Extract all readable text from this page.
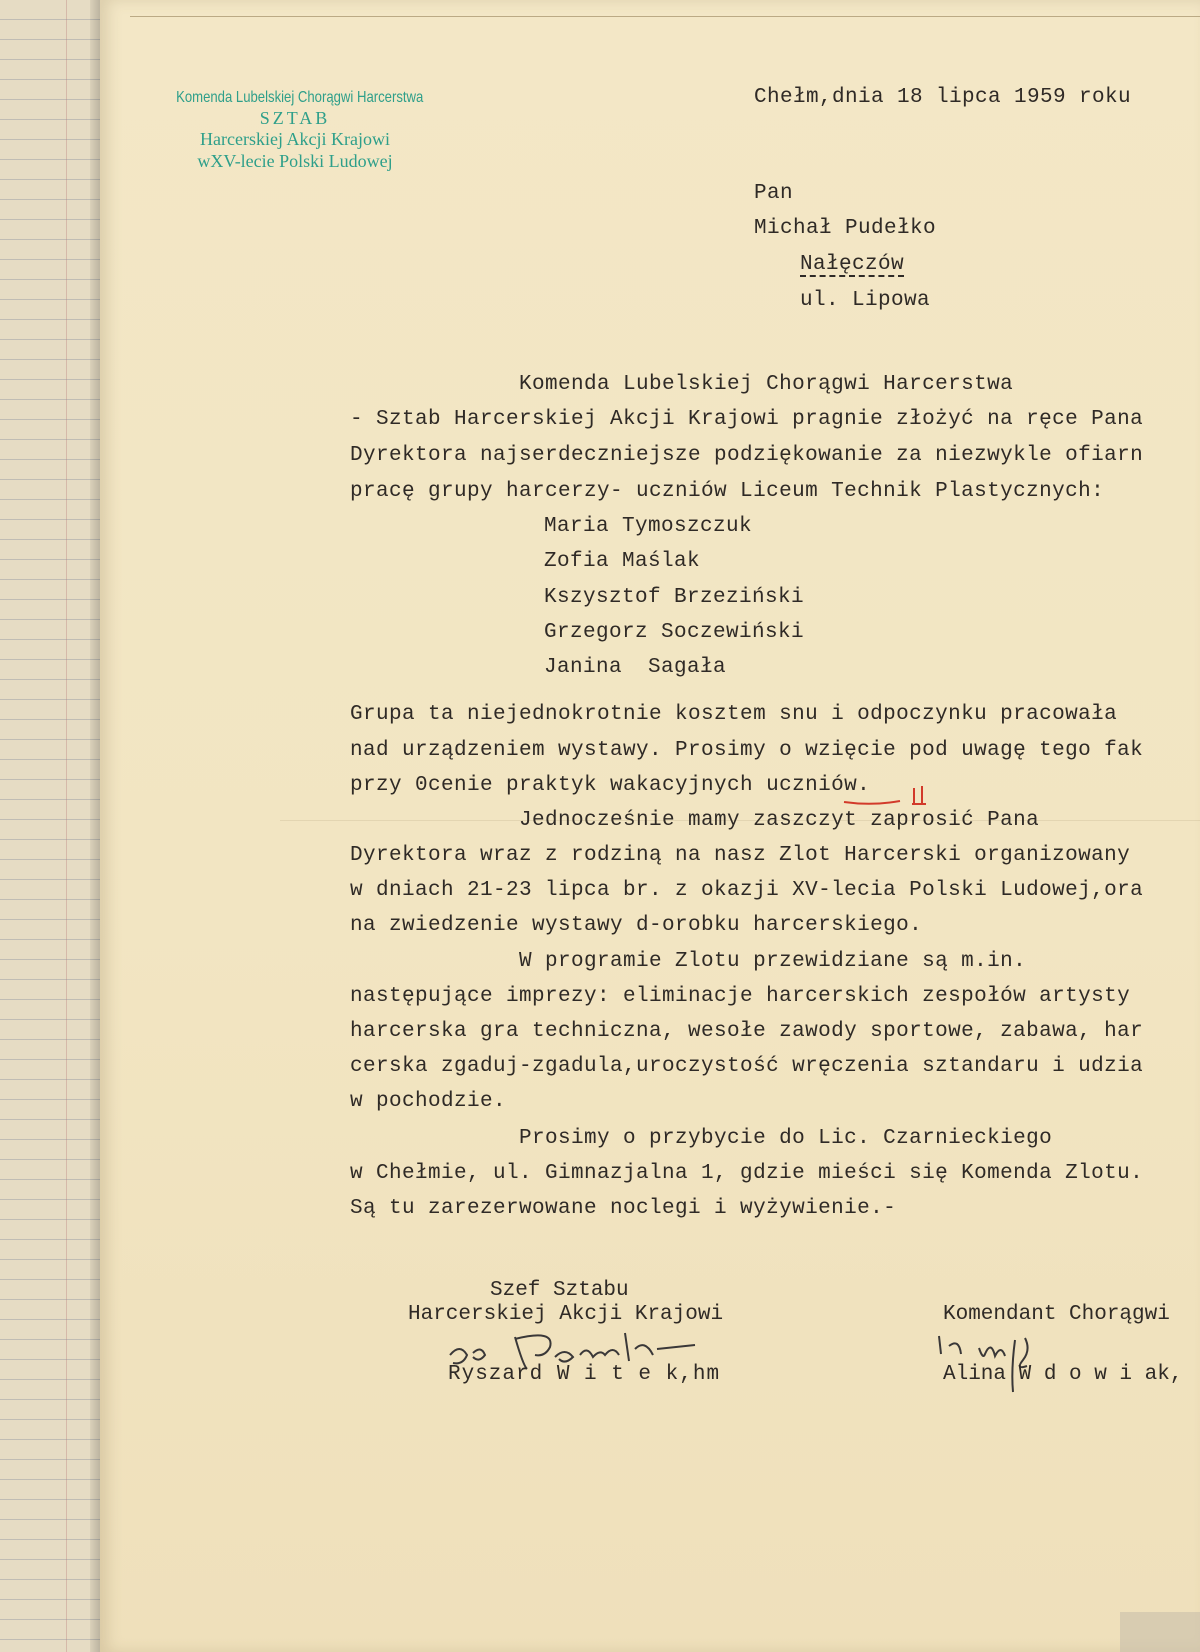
Komenda Lubelskiej Chorągwi Harcerstwa
SZTAB
Harcerskiej Akcji Krajowi
wXV-lecie Polski Ludowej
Chełm,dnia 18 lipca 1959 roku
Pan
Michał Pudełko
Nałęczów
ul. Lipowa
Komenda Lubelskiej Chorągwi Harcerstwa
- Sztab Harcerskiej Akcji Krajowi pragnie złożyć na ręce Pana
Dyrektora najserdeczniejsze podziękowanie za niezwykle ofiarn
pracę grupy harcerzy- uczniów Liceum Technik Plastycznych:
Maria Tymoszczuk
Zofia Maślak
Kszysztof Brzeziński
Grzegorz Soczewiński
Janina  Sagała
Grupa ta niejednokrotnie kosztem snu i odpoczynku pracowała
nad urządzeniem wystawy. Prosimy o wzięcie pod uwagę tego fak
przy 0cenie praktyk wakacyjnych uczniów.
Jednocześnie mamy zaszczyt zaprosić Pana
Dyrektora wraz z rodziną na nasz Zlot Harcerski organizowany
w dniach 21-23 lipca br. z okazji XV-lecia Polski Ludowej,ora
na zwiedzenie wystawy d-orobku harcerskiego.
W programie Zlotu przewidziane są m.in.
następujące imprezy: eliminacje harcerskich zespołów artysty
harcerska gra techniczna, wesołe zawody sportowe, zabawa, har
cerska zgaduj-zgadula,uroczystość wręczenia sztandaru i udzia
w pochodzie.
Prosimy o przybycie do Lic. Czarnieckiego
w Chełmie, ul. Gimnazjalna 1, gdzie mieści się Komenda Zlotu.
Są tu zarezerwowane noclegi i wyżywienie.-
Szef Sztabu
Harcerskiej Akcji Krajowi
Ryszard W i t e k,hm
Komendant Chorągwi
Alina W d o w i ak,
